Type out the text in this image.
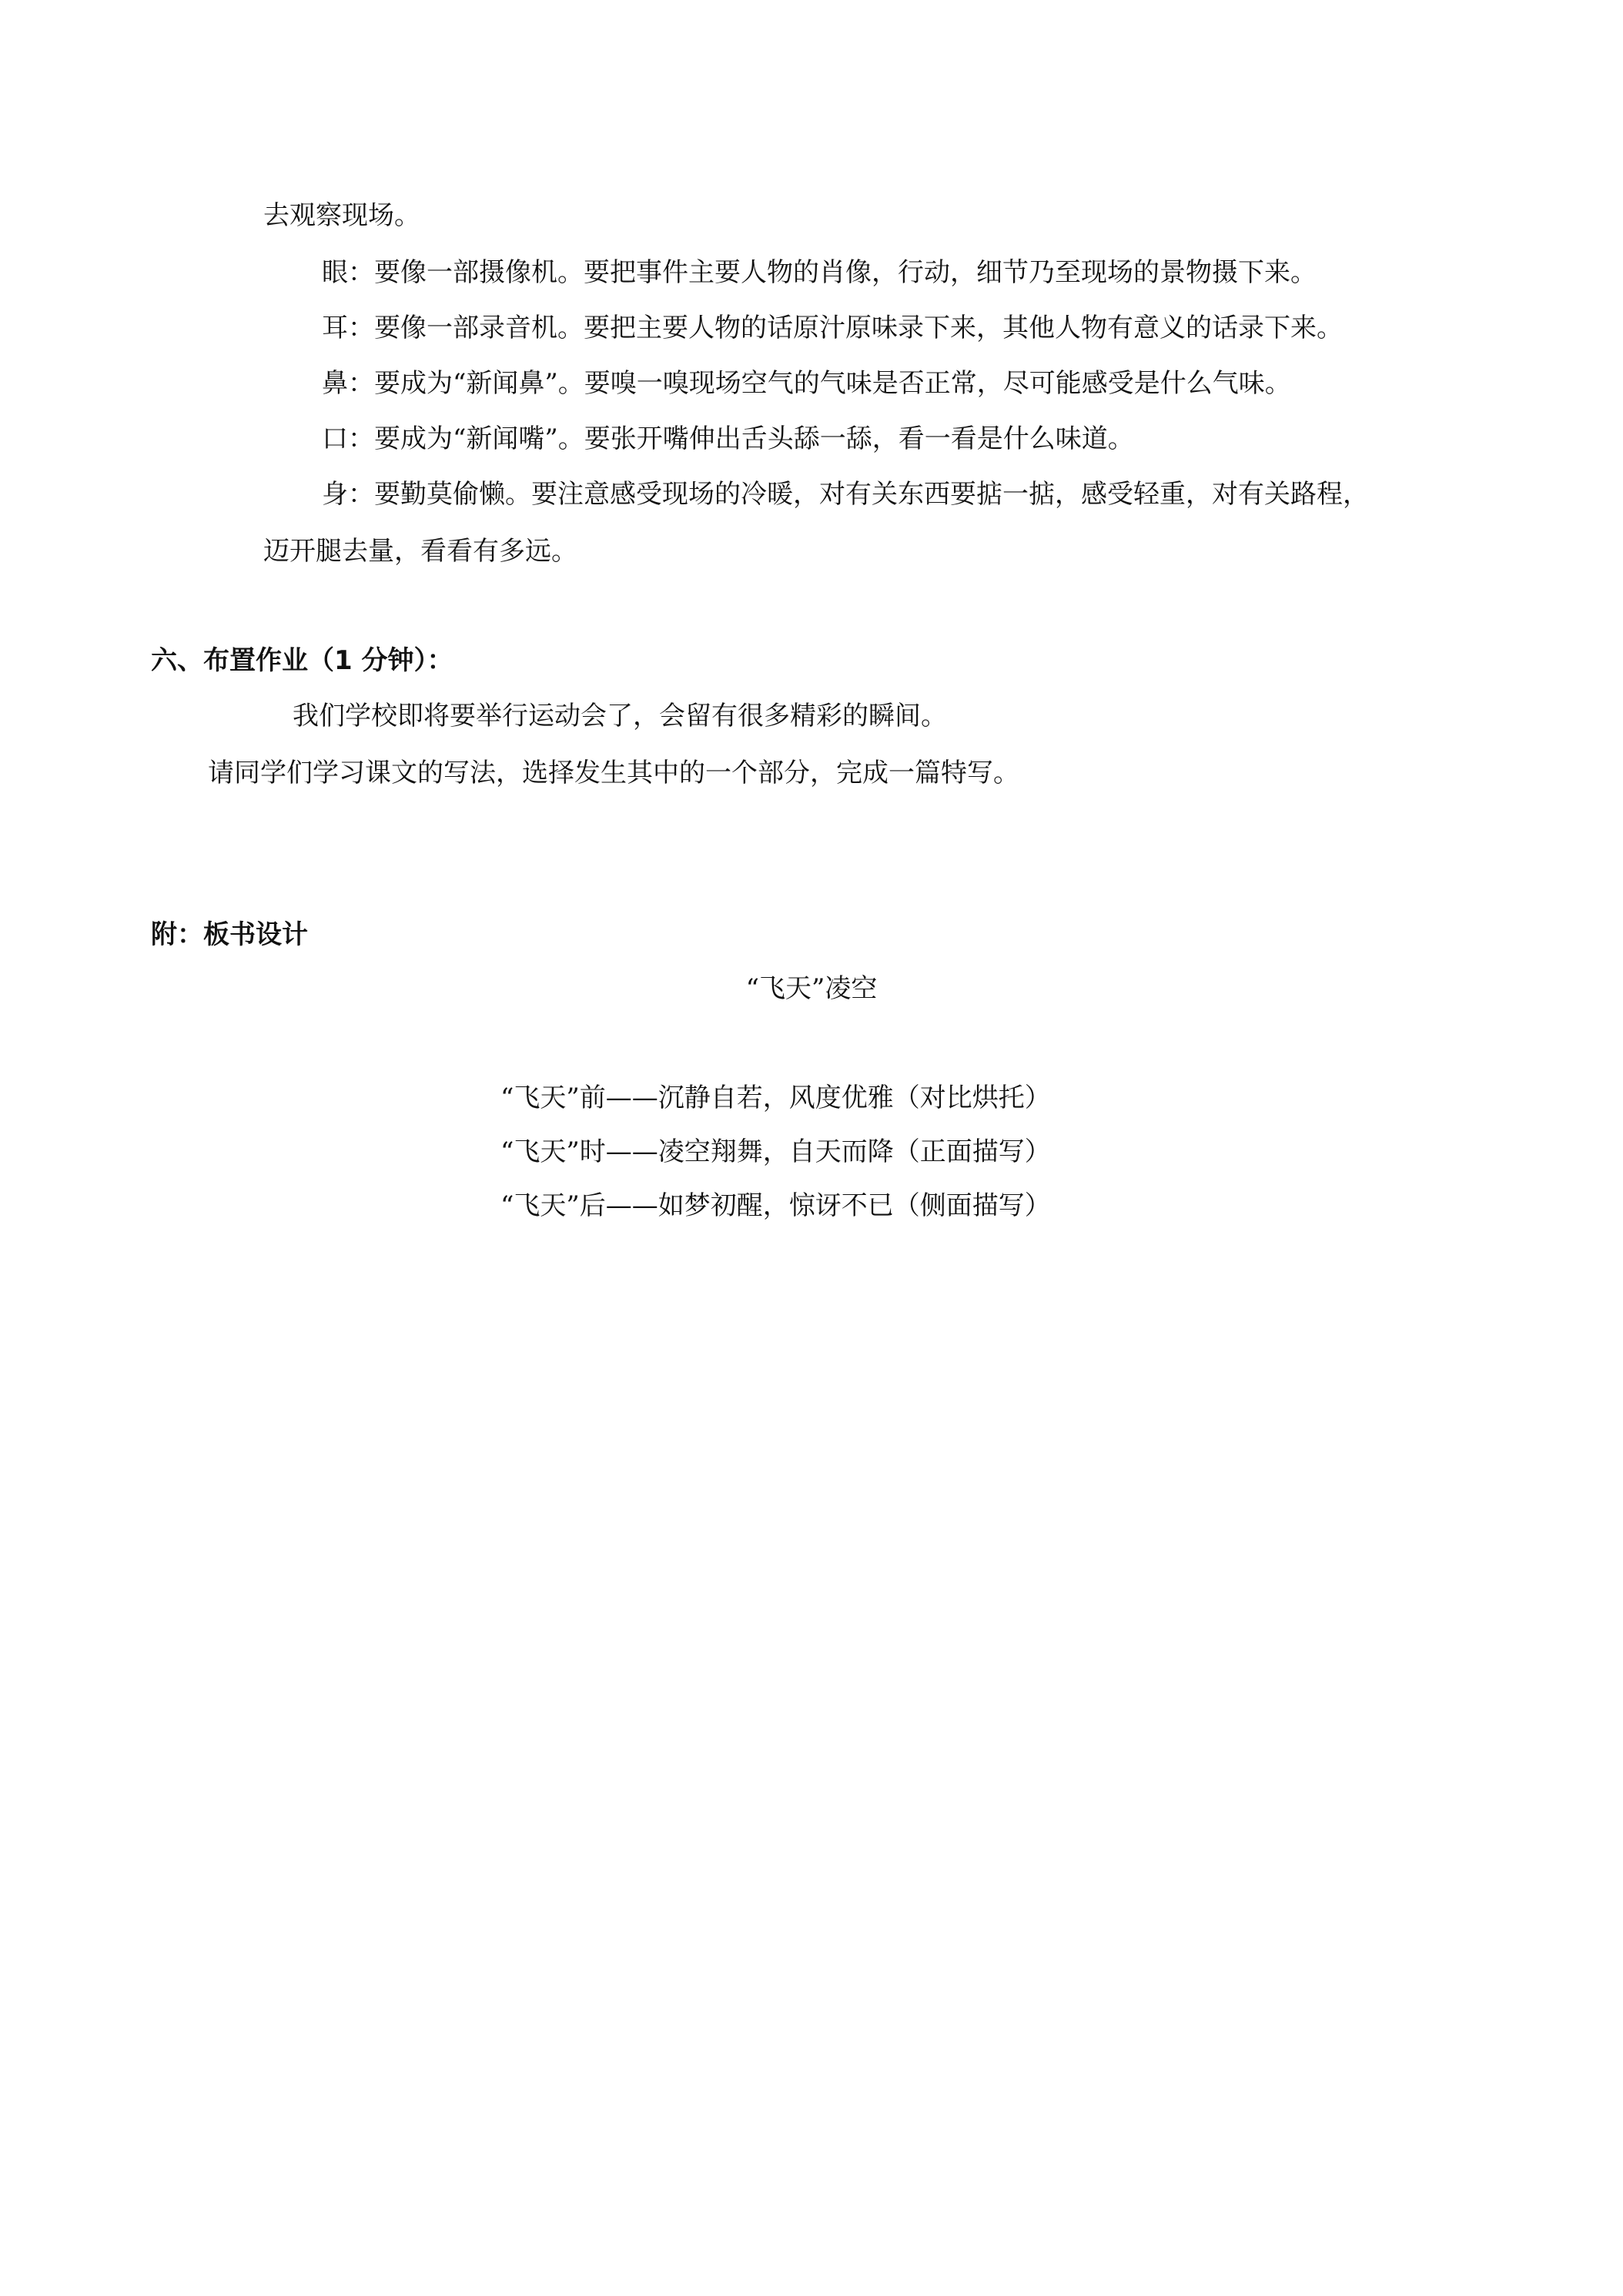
去观察现场。
眼：要像一部摄像机。要把事件主要人物的肖像，行动，细节乃至现场的景物摄下来。
耳：要像一部录音机。要把主要人物的话原汁原味录下来，其他人物有意义的话录下来。
鼻：要成为“新闻鼻”。要嗅一嗅现场空气的气味是否正常，尽可能感受是什么气味。
口：要成为“新闻嘴”。要张开嘴伸出舌头舔一舔，看一看是什么味道。
身：要勤莫偷懒。要注意感受现场的冷暖，对有关东西要掂一掂，感受轻重，对有关路程，
迈开腿去量，看看有多远。
六、布置作业（1 分钟）：
我们学校即将要举行运动会了，会留有很多精彩的瞬间。
请同学们学习课文的写法，选择发生其中的一个部分，完成一篇特写。
附：板书设计
“飞天”凌空
“飞天”前——沉静自若，风度优雅（对比烘托）
“飞天”时——凌空翔舞，自天而降（正面描写）
“飞天”后——如梦初醒，惊讶不已（侧面描写）
